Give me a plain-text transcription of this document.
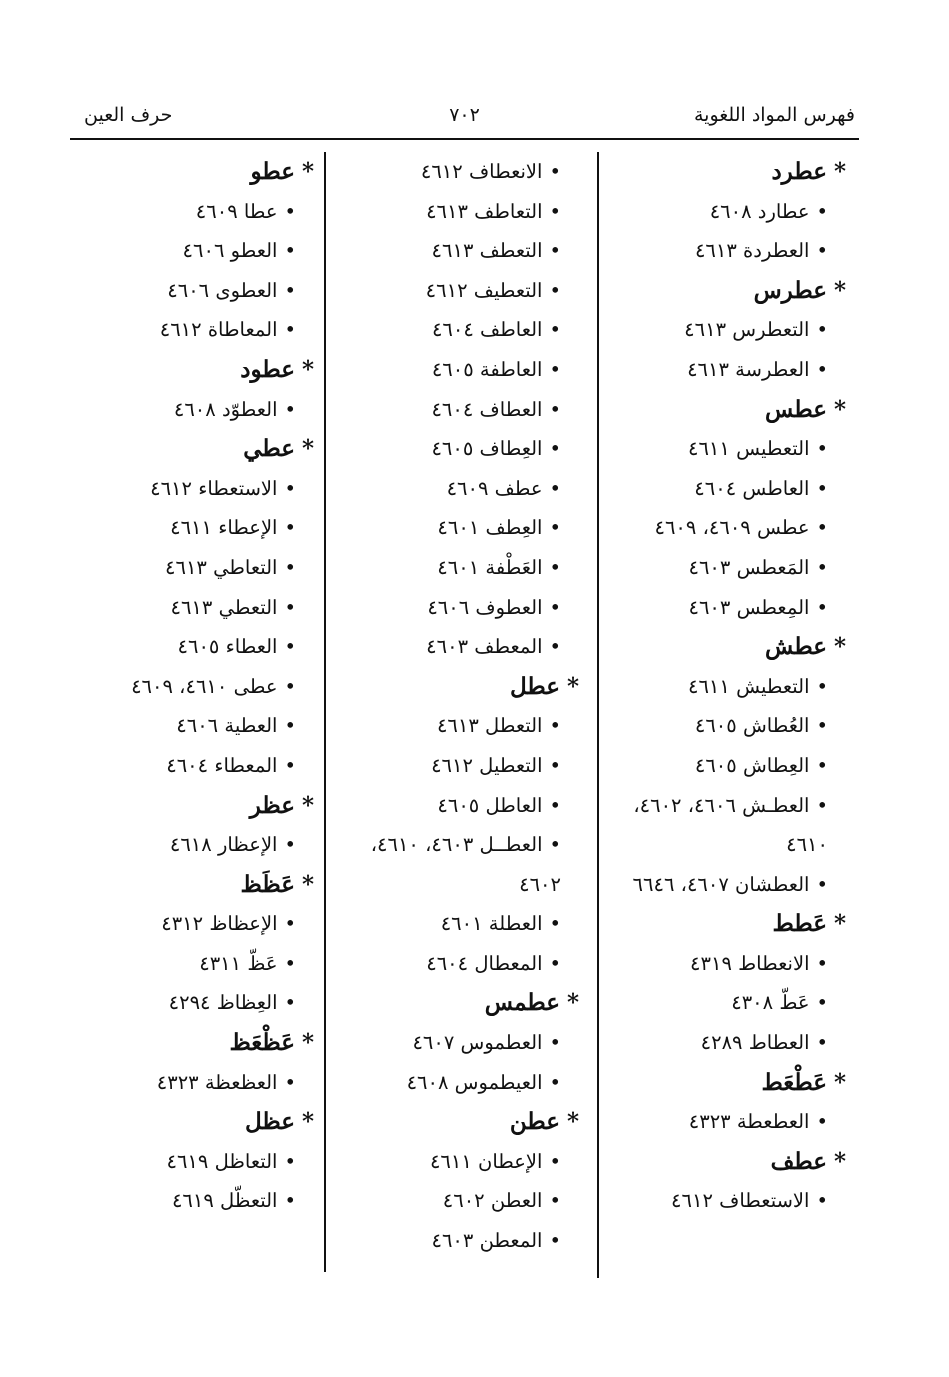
فهرس المواد اللغوية
٧٠٢
حرف العين
*عطرد
•عطارد ٤٦٠٨
•العطردة ٤٦١٣
*عطرس
•التعطرس ٤٦١٣
•العطرسة ٤٦١٣
*عطس
•التعطيس ٤٦١١
•العاطس ٤٦٠٤
•عطس ٤٦٠٩، ٤٦٠٩
•المَعطس ٤٦٠٣
•المِعطس ٤٦٠٣
*عطش
•التعطيش ٤٦١١
•العُطاش ٤٦٠٥
•العِطاش ٤٦٠٥
•العطـش ٤٦٠٦، ٤٦٠٢،
٤٦١٠
•العطشان ٤٦٠٧، ٦٦٤٦
*عَطط
•الانعطاط ٤٣١٩
•عَطّ ٤٣٠٨
•العطاط ٤٢٨٩
*عَطْعَط
•العطعطة ٤٣٢٣
*عطف
•الاستعطاف ٤٦١٢
•الانعطاف ٤٦١٢
•التعاطف ٤٦١٣
•التعطف ٤٦١٣
•التعطيف ٤٦١٢
•العاطف ٤٦٠٤
•العاطفة ٤٦٠٥
•العطاف ٤٦٠٤
•العِطاف ٤٦٠٥
•عطف ٤٦٠٩
•العِطف ٤٦٠١
•العَطْفة ٤٦٠١
•العطوف ٤٦٠٦
•المعطف ٤٦٠٣
*عطل
•التعطل ٤٦١٣
•التعطيل ٤٦١٢
•العاطل ٤٦٠٥
•العطــل ٤٦٠٣، ٤٦١٠،
٤٦٠٢
•العطلة ٤٦٠١
•المعطال ٤٦٠٤
*عطمس
•العطموس ٤٦٠٧
•العيطموس ٤٦٠٨
*عطن
•الإعطان ٤٦١١
•العطن ٤٦٠٢
•المعطن ٤٦٠٣
*عطو
•عطا ٤٦٠٩
•العطو ٤٦٠٦
•العطوى ٤٦٠٦
•المعاطاة ٤٦١٢
*عطود
•العطوّد ٤٦٠٨
*عطي
•الاستعطاء ٤٦١٢
•الإعطاء ٤٦١١
•التعاطي ٤٦١٣
•التعطي ٤٦١٣
•العطاء ٤٦٠٥
•عطى ٤٦١٠، ٤٦٠٩
•العطية ٤٦٠٦
•المعطاء ٤٦٠٤
*عظر
•الإعظار ٤٦١٨
*عَظَظ
•الإعظاظ ٤٣١٢
•عَظّ ٤٣١١
•العِظاظ ٤٢٩٤
*عَظْعَظ
•العظعظة ٤٣٢٣
*عظل
•التعاظل ٤٦١٩
•التعظّل ٤٦١٩
